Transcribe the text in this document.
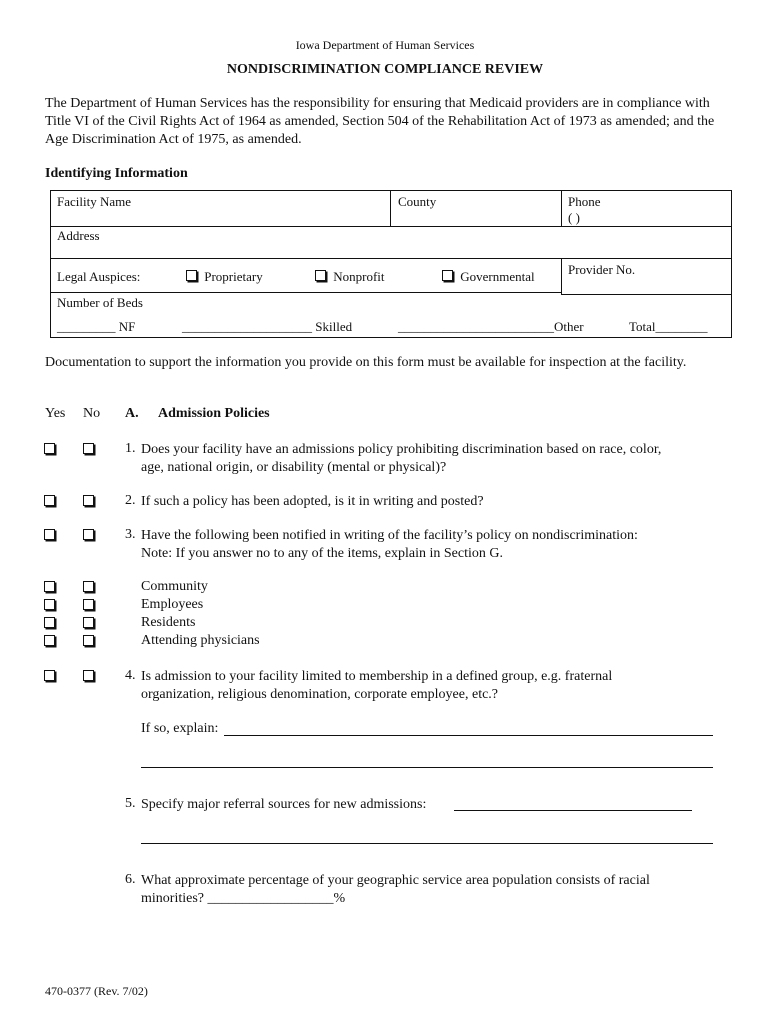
Iowa Department of Human Services
NONDISCRIMINATION COMPLIANCE REVIEW
The Department of Human Services has the responsibility for ensuring that Medicaid providers are in compliance with Title VI of the Civil Rights Act of 1964 as amended, Section 504 of the Rehabilitation Act of 1973 as amended; and the Age Discrimination Act of 1975, as amended.
Identifying Information
Facility Name	County	Phone
( )
Address
Legal Auspices:	Proprietary	Nonprofit	Governmental	Provider No.
Number of Beds
_________ NF	____________________ Skilled	________________________Other	Total________
Documentation to support the information you provide on this form must be available for inspection at the facility.
Yes No A. Admission Policies
1. Does your facility have an admissions policy prohibiting discrimination based on race, color,
age, national origin, or disability (mental or physical)?
2. If such a policy has been adopted, is it in writing and posted?
3. Have the following been notified in writing of the facility’s policy on nondiscrimination:
Note: If you answer no to any of the items, explain in Section G.
Community
Employees
Residents
Attending physicians
4. Is admission to your facility limited to membership in a defined group, e.g. fraternal
organization, religious denomination, corporate employee, etc.?
If so, explain:
5. Specify major referral sources for new admissions:
6. What approximate percentage of your geographic service area population consists of racial
minorities? __________________%
470-0377 (Rev. 7/02)
